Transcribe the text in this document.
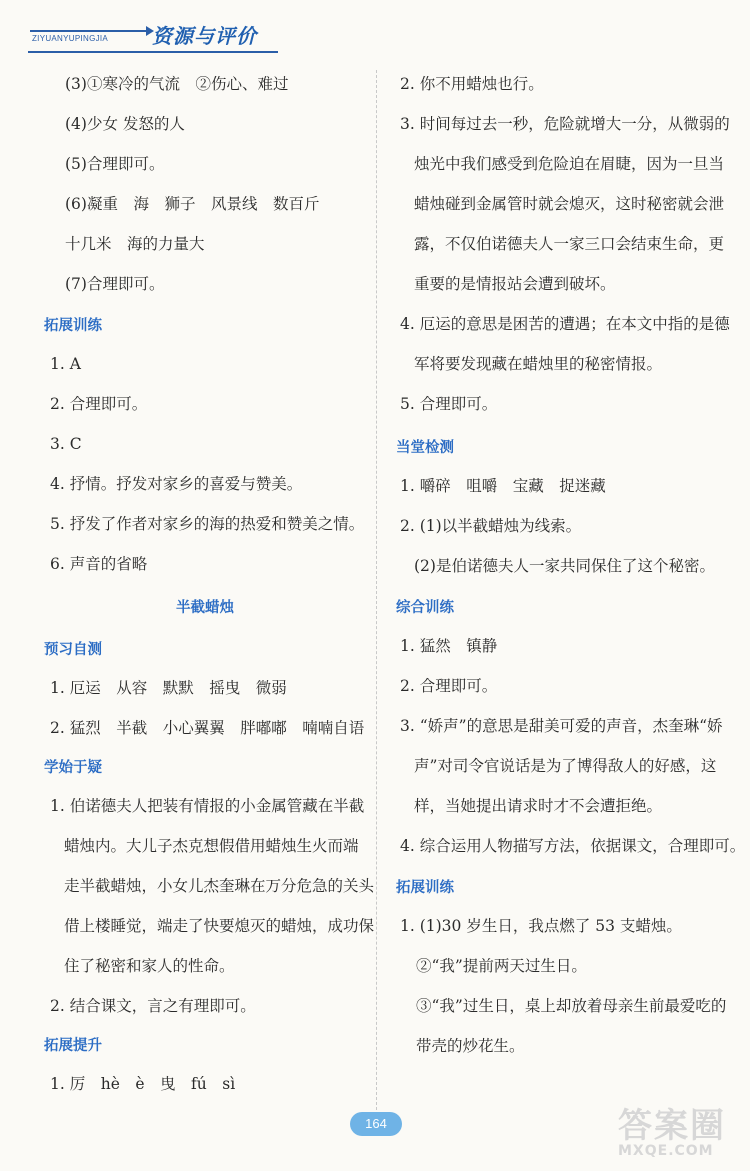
ZIYUANYUPINGJIA 资源与评价
(3)①寒冷的气流　②伤心、难过
(4)少女 发怒的人
(5)合理即可。
(6)凝重　海　狮子　风景线　数百斤
十几米　海的力量大
(7)合理即可。
拓展训练
1. A
2. 合理即可。
3. C
4. 抒情。抒发对家乡的喜爱与赞美。
5. 抒发了作者对家乡的海的热爱和赞美之情。
6. 声音的省略
半截蜡烛
预习自测
1. 厄运　从容　默默　摇曳　微弱
2. 猛烈　半截　小心翼翼　胖嘟嘟　喃喃自语
学始于疑
1. 伯诺德夫人把装有情报的小金属管藏在半截
蜡烛内。大儿子杰克想假借用蜡烛生火而端
走半截蜡烛，小女儿杰奎琳在万分危急的关头
借上楼睡觉，端走了快要熄灭的蜡烛，成功保
住了秘密和家人的性命。
2. 结合课文，言之有理即可。
拓展提升
1. 厉　hè　è　曳　fú　sì
2. 你不用蜡烛也行。
3. 时间每过去一秒，危险就增大一分，从微弱的
烛光中我们感受到危险迫在眉睫，因为一旦当
蜡烛碰到金属管时就会熄灭，这时秘密就会泄
露，不仅伯诺德夫人一家三口会结束生命，更
重要的是情报站会遭到破坏。
4. 厄运的意思是困苦的遭遇；在本文中指的是德
军将要发现藏在蜡烛里的秘密情报。
5. 合理即可。
当堂检测
1. 嚼碎　咀嚼　宝藏　捉迷藏
2. (1)以半截蜡烛为线索。
(2)是伯诺德夫人一家共同保住了这个秘密。
综合训练
1. 猛然　镇静
2. 合理即可。
3. “娇声”的意思是甜美可爱的声音，杰奎琳“娇
声”对司令官说话是为了博得敌人的好感，这
样，当她提出请求时才不会遭拒绝。
4. 综合运用人物描写方法，依据课文，合理即可。
拓展训练
1. (1)30 岁生日，我点燃了 53 支蜡烛。
②“我”提前两天过生日。
③“我”过生日，桌上却放着母亲生前最爱吃的
带壳的炒花生。
164	答案圈
MXQE.COM
